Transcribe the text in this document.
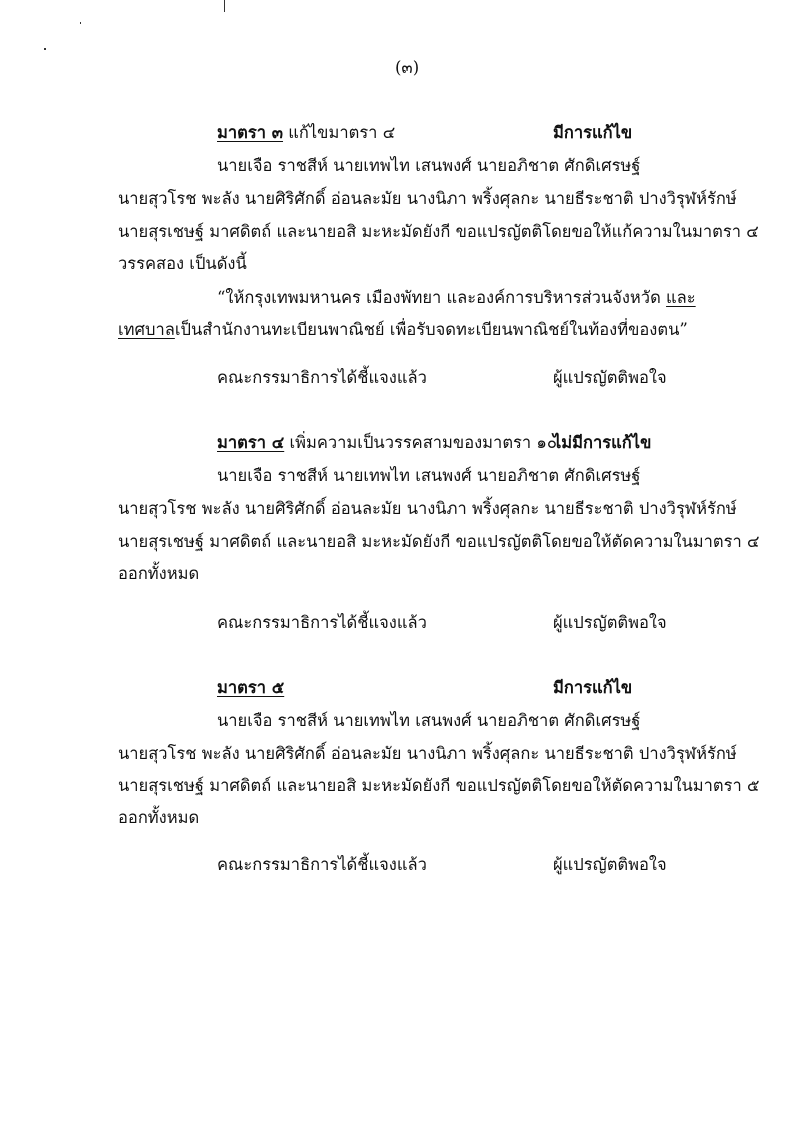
(๓)
มาตรา ๓ แก้ไขมาตรา ๔	มีการแก้ไข
นายเจือ ราชสีห์ นายเทพไท เสนพงศ์ นายอภิชาต ศักดิเศรษฐ์
นายสุวโรช พะลัง นายศิริศักดิ์ อ่อนละมัย นางนิภา พริ้งศุลกะ นายธีระชาติ ปางวิรุฬห์รักษ์
นายสุรเชษฐ์ มาศดิตถ์ และนายอสิ มะหะมัดยังกี ขอแปรญัตติโดยขอให้แก้ความในมาตรา ๔
วรรคสอง เป็นดังนี้
“ให้กรุงเทพมหานคร เมืองพัทยา และองค์การบริหารส่วนจังหวัด และ
เทศบาลเป็นสำนักงานทะเบียนพาณิชย์ เพื่อรับจดทะเบียนพาณิชย์ในท้องที่ของตน”
คณะกรรมาธิการได้ชี้แจงแล้ว	ผู้แปรญัตติพอใจ
มาตรา ๔ เพิ่มความเป็นวรรคสามของมาตรา ๑๐
ไม่มีการแก้ไข
นายเจือ ราชสีห์ นายเทพไท เสนพงศ์ นายอภิชาต ศักดิเศรษฐ์
นายสุวโรช พะลัง นายศิริศักดิ์ อ่อนละมัย นางนิภา พริ้งศุลกะ นายธีระชาติ ปางวิรุฬห์รักษ์
นายสุรเชษฐ์ มาศดิตถ์ และนายอสิ มะหะมัดยังกี ขอแปรญัตติโดยขอให้ตัดความในมาตรา ๔
ออกทั้งหมด
คณะกรรมาธิการได้ชี้แจงแล้ว	ผู้แปรญัตติพอใจ
มาตรา ๕	มีการแก้ไข
นายเจือ ราชสีห์ นายเทพไท เสนพงศ์ นายอภิชาต ศักดิเศรษฐ์
นายสุวโรช พะลัง นายศิริศักดิ์ อ่อนละมัย นางนิภา พริ้งศุลกะ นายธีระชาติ ปางวิรุฬห์รักษ์
นายสุรเชษฐ์ มาศดิตถ์ และนายอสิ มะหะมัดยังกี ขอแปรญัตติโดยขอให้ตัดความในมาตรา ๕
ออกทั้งหมด
คณะกรรมาธิการได้ชี้แจงแล้ว	ผู้แปรญัตติพอใจ
